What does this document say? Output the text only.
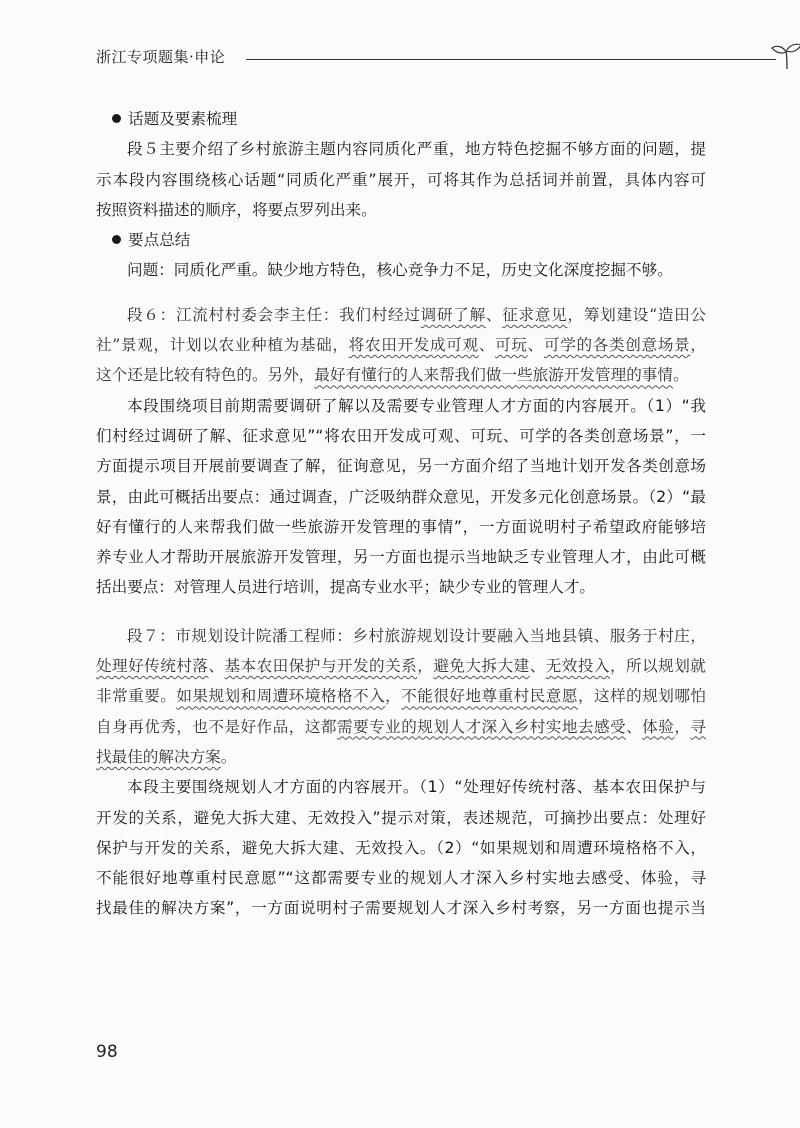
浙江专项题集·申论
话题及要素梳理
段５主要介绍了乡村旅游主题内容同质化严重，地方特色挖掘不够方面的问题，提
示本段内容围绕核心话题“同质化严重”展开，可将其作为总括词并前置，具体内容可
按照资料描述的顺序，将要点罗列出来。
要点总结
问题：同质化严重。缺少地方特色，核心竞争力不足，历史文化深度挖掘不够。
段６：江流村村委会李主任：我们村经过调研了解、征求意见，筹划建设“造田公
社”景观，计划以农业种植为基础，将农田开发成可观、可玩、可学的各类创意场景，
这个还是比较有特色的。另外，最好有懂行的人来帮我们做一些旅游开发管理的事情。
本段围绕项目前期需要调研了解以及需要专业管理人才方面的内容展开。（1）“我
们村经过调研了解、征求意见”“将农田开发成可观、可玩、可学的各类创意场景”，一
方面提示项目开展前要调查了解，征询意见，另一方面介绍了当地计划开发各类创意场
景，由此可概括出要点：通过调查，广泛吸纳群众意见，开发多元化创意场景。（2）“最
好有懂行的人来帮我们做一些旅游开发管理的事情”，一方面说明村子希望政府能够培
养专业人才帮助开展旅游开发管理，另一方面也提示当地缺乏专业管理人才，由此可概
括出要点：对管理人员进行培训，提高专业水平；缺少专业的管理人才。
段７：市规划设计院潘工程师：乡村旅游规划设计要融入当地县镇、服务于村庄，
处理好传统村落、基本农田保护与开发的关系，避免大拆大建、无效投入，所以规划就
非常重要。如果规划和周遭环境格格不入，不能很好地尊重村民意愿，这样的规划哪怕
自身再优秀，也不是好作品，这都需要专业的规划人才深入乡村实地去感受、体验，寻
找最佳的解决方案。
本段主要围绕规划人才方面的内容展开。（1）“处理好传统村落、基本农田保护与
开发的关系，避免大拆大建、无效投入”提示对策，表述规范，可摘抄出要点：处理好
保护与开发的关系，避免大拆大建、无效投入。（2）“如果规划和周遭环境格格不入，
不能很好地尊重村民意愿”“这都需要专业的规划人才深入乡村实地去感受、体验，寻
找最佳的解决方案”，一方面说明村子需要规划人才深入乡村考察，另一方面也提示当
98
